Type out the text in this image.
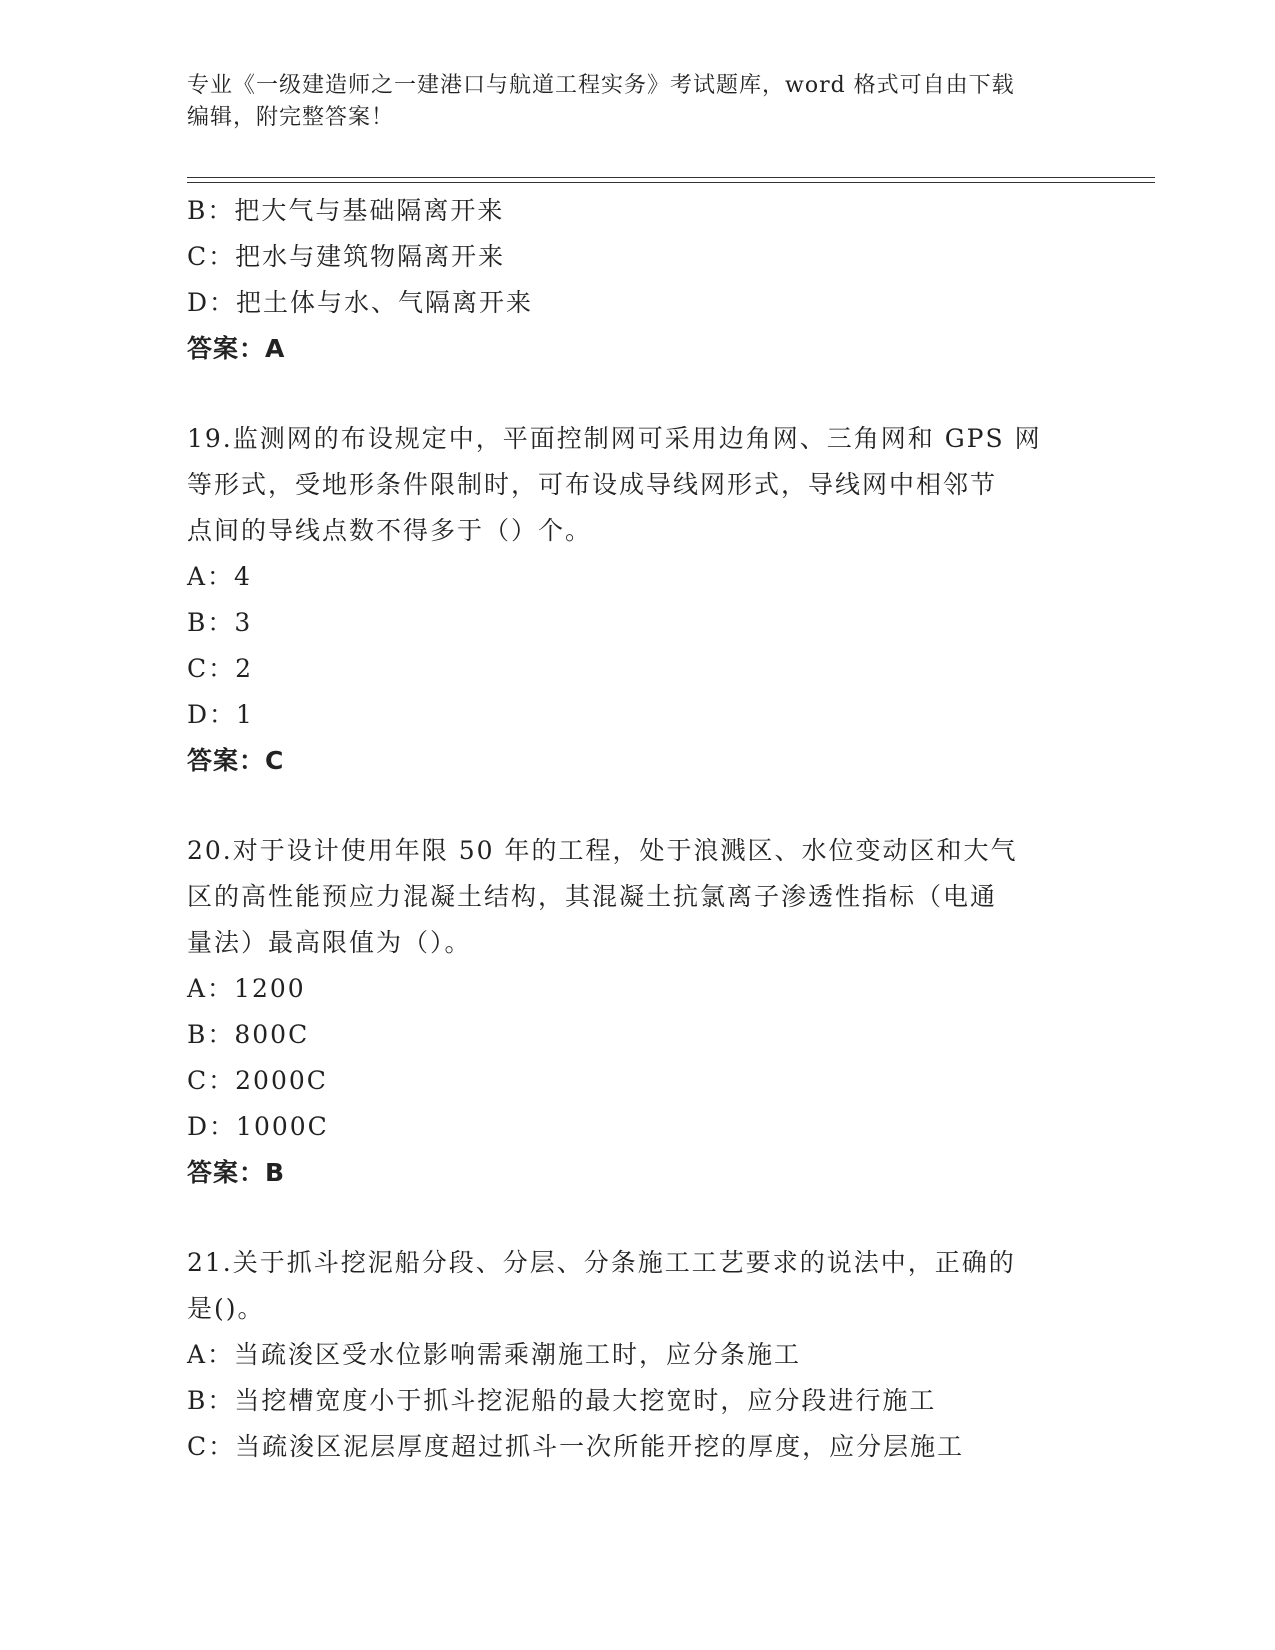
专业《一级建造师之一建港口与航道工程实务》考试题库，word 格式可自由下载
编辑，附完整答案！
B：把大气与基础隔离开来
C：把水与建筑物隔离开来
D：把土体与水、气隔离开来
答案：A
19.监测网的布设规定中，平面控制网可采用边角网、三角网和 GPS 网
等形式，受地形条件限制时，可布设成导线网形式，导线网中相邻节
点间的导线点数不得多于（）个。
A：4
B：3
C：2
D：1
答案：C
20.对于设计使用年限 50 年的工程，处于浪溅区、水位变动区和大气
区的高性能预应力混凝土结构，其混凝土抗氯离子渗透性指标（电通
量法）最高限值为（）。
A：1200
B：800C
C：2000C
D：1000C
答案：B
21.关于抓斗挖泥船分段、分层、分条施工工艺要求的说法中，正确的
是()。
A：当疏浚区受水位影响需乘潮施工时，应分条施工
B：当挖槽宽度小于抓斗挖泥船的最大挖宽时，应分段进行施工
C：当疏浚区泥层厚度超过抓斗一次所能开挖的厚度，应分层施工
